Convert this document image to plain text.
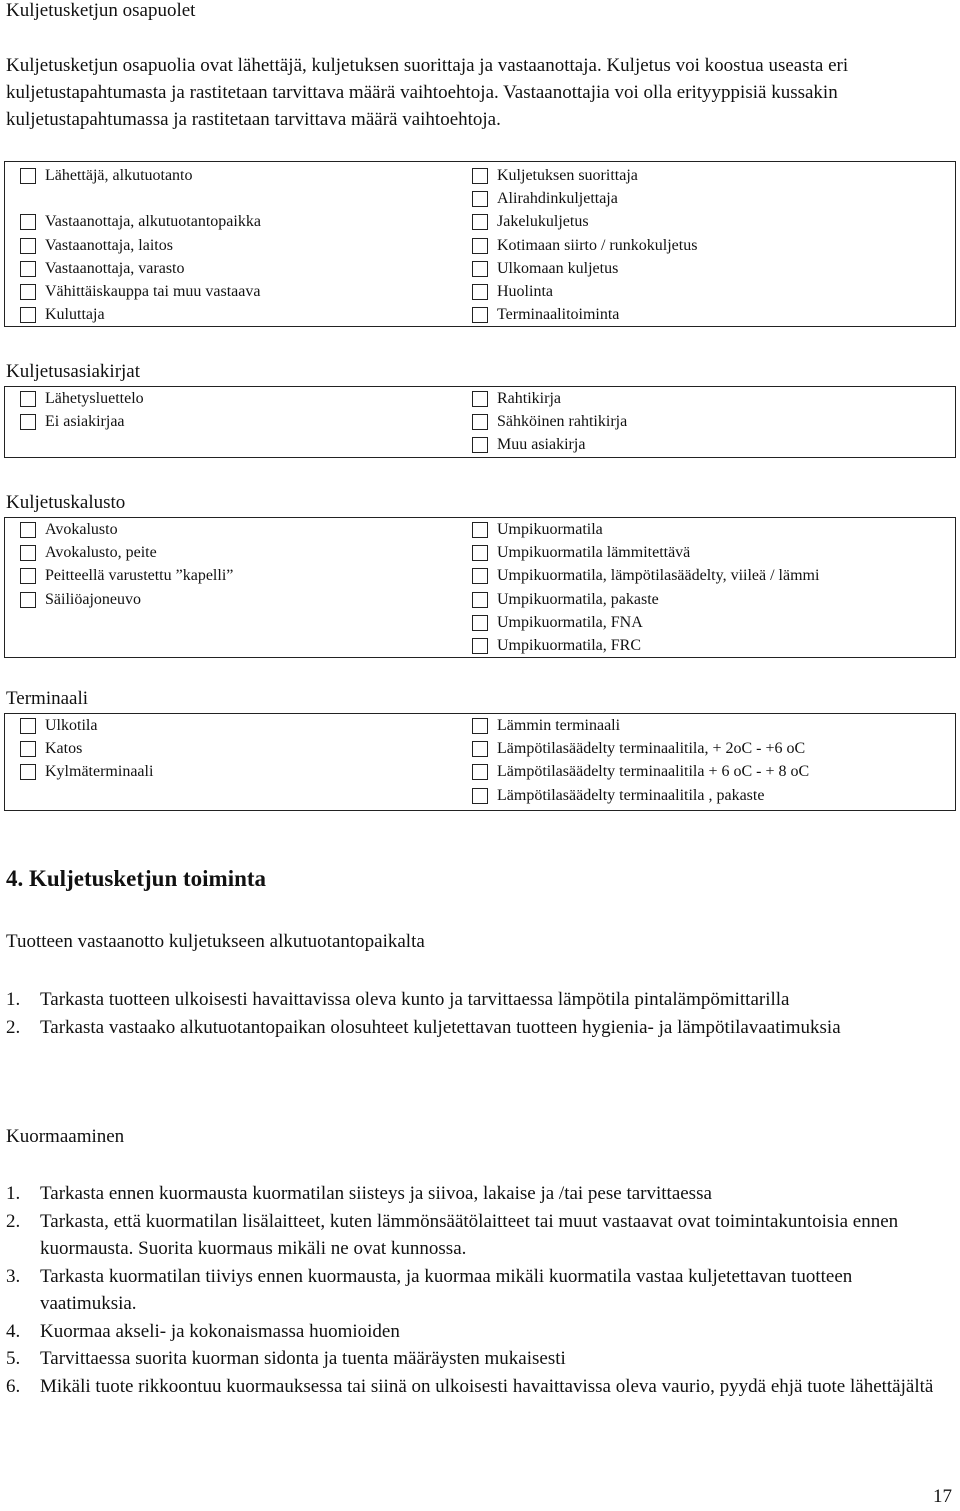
Kuljetusketjun osapuolet
Kuljetusketjun osapuolia ovat lähettäjä, kuljetuksen suorittaja ja vastaanottaja. Kuljetus voi koostua useasta eri kuljetustapahtumasta ja rastitetaan tarvittava määrä vaihtoehtoja. Vastaanottajia voi olla erityyppisiä kussakin kuljetustapahtumassa ja rastitetaan tarvittava määrä vaihtoehtoja.
Lähettäjä, alkutuotanto
Vastaanottaja, alkutuotantopaikka
Vastaanottaja, laitos
Vastaanottaja, varasto
Vähittäiskauppa tai muu vastaava
Kuluttaja
Kuljetuksen suorittaja
Alirahdinkuljettaja
Jakelukuljetus
Kotimaan siirto / runkokuljetus
Ulkomaan kuljetus
Huolinta
Terminaalitoiminta
Kuljetusasiakirjat
Lähetysluettelo
Ei asiakirjaa
Rahtikirja
Sähköinen rahtikirja
Muu asiakirja
Kuljetuskalusto
Avokalusto
Avokalusto, peite
Peitteellä varustettu ”kapelli”
Säiliöajoneuvo
Umpikuormatila
Umpikuormatila lämmitettävä
Umpikuormatila, lämpötilasäädelty, viileä / lämmi
Umpikuormatila, pakaste
Umpikuormatila, FNA
Umpikuormatila, FRC
Terminaali
Ulkotila
Katos
Kylmäterminaali
Lämmin terminaali
Lämpötilasäädelty terminaalitila, + 2oC - +6 oC
Lämpötilasäädelty terminaalitila + 6 oC - + 8 oC
Lämpötilasäädelty terminaalitila , pakaste
4. Kuljetusketjun toiminta
Tuotteen vastaanotto kuljetukseen alkutuotantopaikalta
1.	Tarkasta tuotteen ulkoisesti havaittavissa oleva kunto ja tarvittaessa lämpötila pintalämpömittarilla
2.	Tarkasta vastaako alkutuotantopaikan olosuhteet kuljetettavan tuotteen hygienia- ja lämpötilavaatimuksia
Kuormaaminen
1.	Tarkasta ennen kuormausta kuormatilan siisteys ja siivoa, lakaise ja /tai pese tarvittaessa
2.	Tarkasta, että kuormatilan lisälaitteet, kuten lämmönsäätölaitteet tai muut vastaavat ovat toimintakuntoisia ennen kuormausta. Suorita kuormaus mikäli ne ovat kunnossa.
3.	Tarkasta kuormatilan tiiviys ennen kuormausta, ja kuormaa mikäli kuormatila vastaa kuljetettavan tuotteen vaatimuksia.
4.	Kuormaa akseli- ja kokonaismassa huomioiden
5.	Tarvittaessa suorita kuorman sidonta ja tuenta määräysten mukaisesti
6.	Mikäli tuote rikkoontuu kuormauksessa tai siinä on ulkoisesti havaittavissa oleva vaurio, pyydä ehjä tuote lähettäjältä
17
